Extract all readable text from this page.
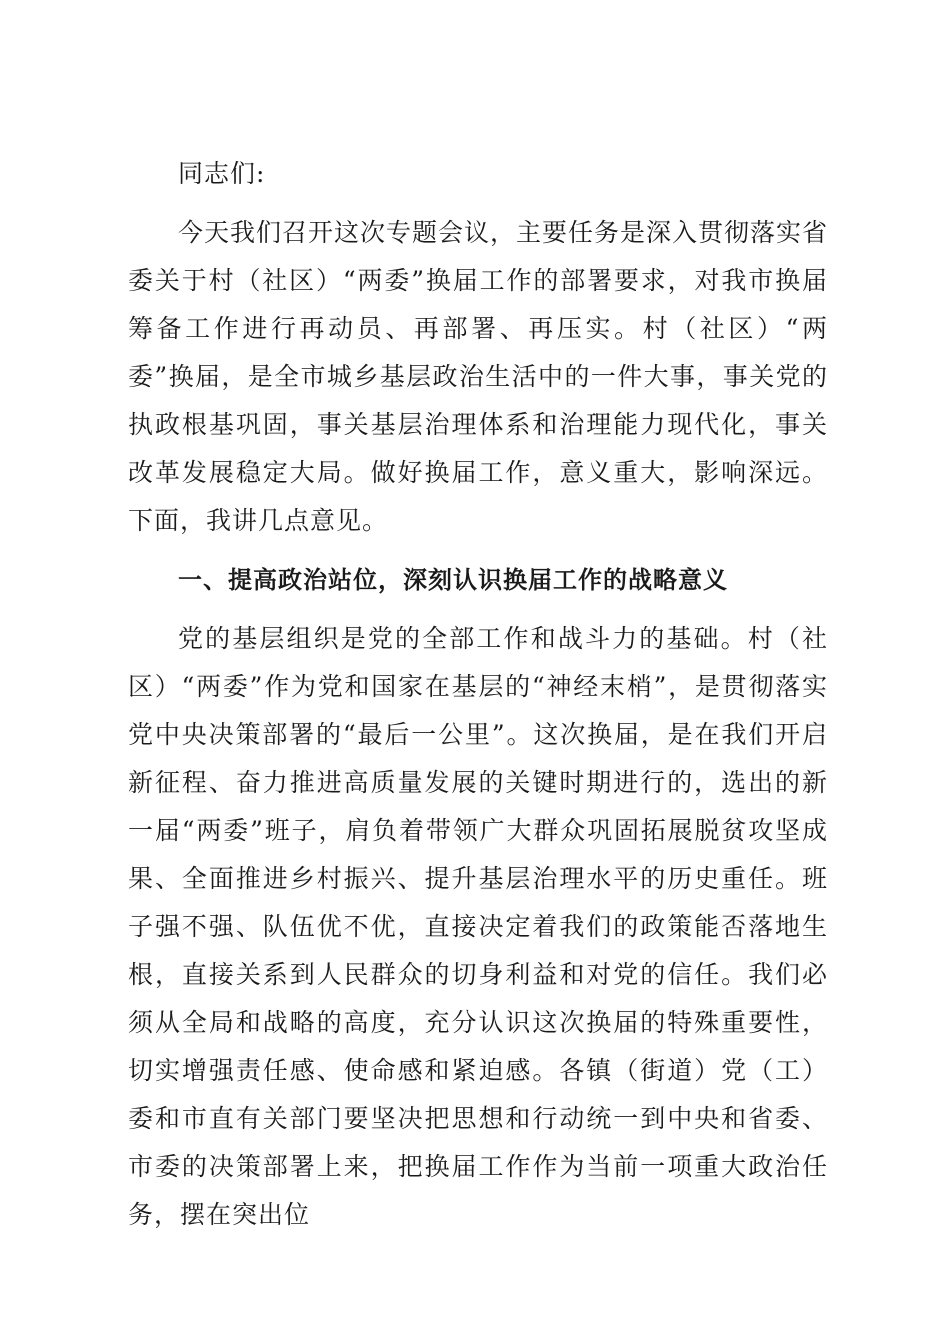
同志们:

今天我们召开这次专题会议，主要任务是深入贯彻落实省委关于村（社区）“两委”换届工作的部署要求，对我市换届筹备工作进行再动员、再部署、再压实。村（社区）“两委”换届，是全市城乡基层政治生活中的一件大事，事关党的执政根基巩固，事关基层治理体系和治理能力现代化，事关改革发展稳定大局。做好换届工作，意义重大，影响深远。下面，我讲几点意见。

一、提高政治站位，深刻认识换届工作的战略意义

党的基层组织是党的全部工作和战斗力的基础。村（社区）“两委”作为党和国家在基层的“神经末梢”，是贯彻落实党中央决策部署的“最后一公里”。这次换届，是在我们开启新征程、奋力推进高质量发展的关键时期进行的，选出的新一届“两委”班子，肩负着带领广大群众巩固拓展脱贫攻坚成果、全面推进乡村振兴、提升基层治理水平的历史重任。班子强不强、队伍优不优，直接决定着我们的政策能否落地生根，直接关系到人民群众的切身利益和对党的信任。我们必须从全局和战略的高度，充分认识这次换届的特殊重要性，切实增强责任感、使命感和紧迫感。各镇（街道）党（工）委和市直有关部门要坚决把思想和行动统一到中央和省委、市委的决策部署上来，把换届工作作为当前一项重大政治任务，摆在突出位
